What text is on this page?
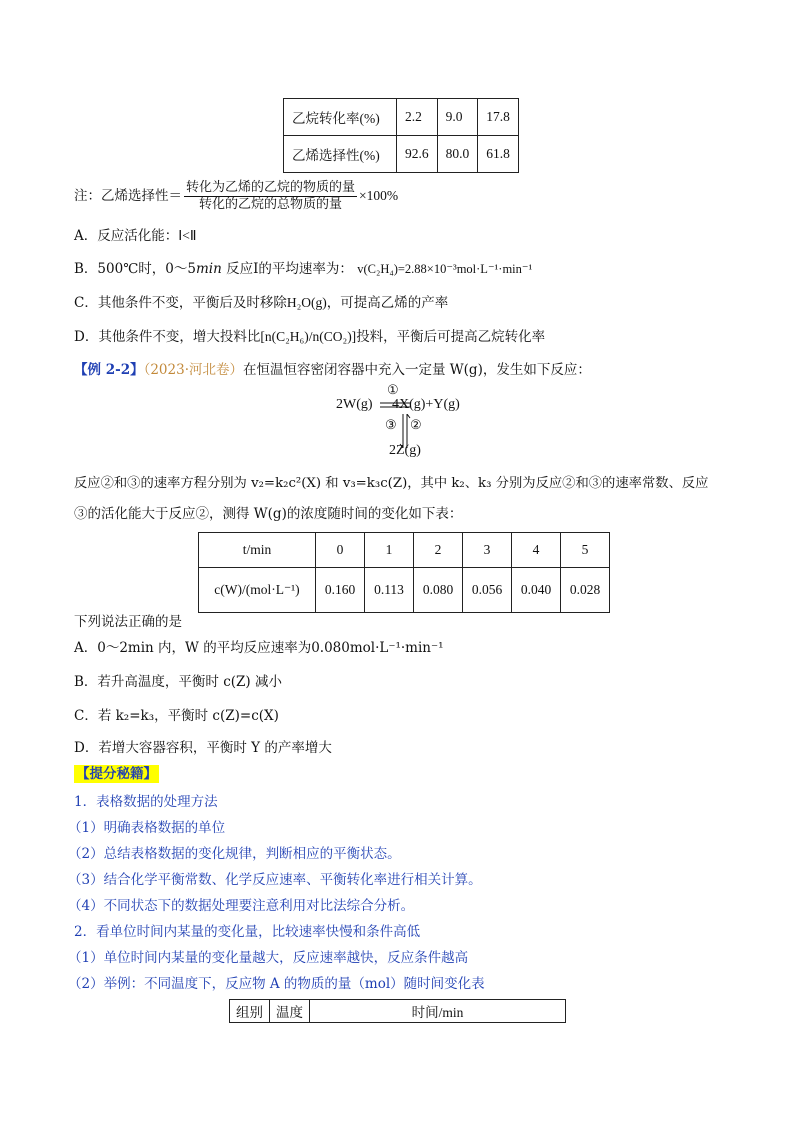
乙烷转化率(%)	2.2	9.0	17.8
乙烯选择性(%)	92.6	80.0	61.8
注：乙烯选择性＝ $\frac{\text{转化为乙烯的乙烷的物质的量}}{\text{转化的乙烷的总物质的量}} \times 100\%$
A．反应活化能：Ⅰ<Ⅱ
B．500℃时，0～5min 反应Ⅰ的平均速率为： v(C₂H₄)=2.88×10⁻³mol·L⁻¹·min⁻¹
C．其他条件不变，平衡后及时移除H₂O(g)，可提高乙烯的产率
D．其他条件不变，增大投料比[n(C₂H₆)/n(CO₂)]投料，平衡后可提高乙烷转化率
【例 2-2】（2023·河北卷）在恒温恒容密闭容器中充入一定量 W(g)，发生如下反应：
2W(g)
①
4X(g)+Y(g)
③ ②
2Z(g)
反应②和③的速率方程分别为 v₂=k₂c²(X) 和 v₃=k₃c(Z)，其中 k₂、k₃ 分别为反应②和③的速率常数、反应
③的活化能大于反应②，测得 W(g)的浓度随时间的变化如下表：
t/min	0	1	2	3	4	5
c(W)/(mol·L⁻¹)	0.160	0.113	0.080	0.056	0.040	0.028
下列说法正确的是
A．0～2min 内，W 的平均反应速率为0.080mol·L⁻¹·min⁻¹
B．若升高温度，平衡时 c(Z) 减小
C．若 k₂=k₃，平衡时 c(Z)=c(X)
D．若增大容器容积，平衡时 Y 的产率增大
【提分秘籍】
1．表格数据的处理方法
（1）明确表格数据的单位
（2）总结表格数据的变化规律，判断相应的平衡状态。
（3）结合化学平衡常数、化学反应速率、平衡转化率进行相关计算。
（4）不同状态下的数据处理要注意利用对比法综合分析。
2．看单位时间内某量的变化量，比较速率快慢和条件高低
（1）单位时间内某量的变化量越大，反应速率越快，反应条件越高
（2）举例：不同温度下，反应物 A 的物质的量（mol）随时间变化表
组别	温度	时间/min
